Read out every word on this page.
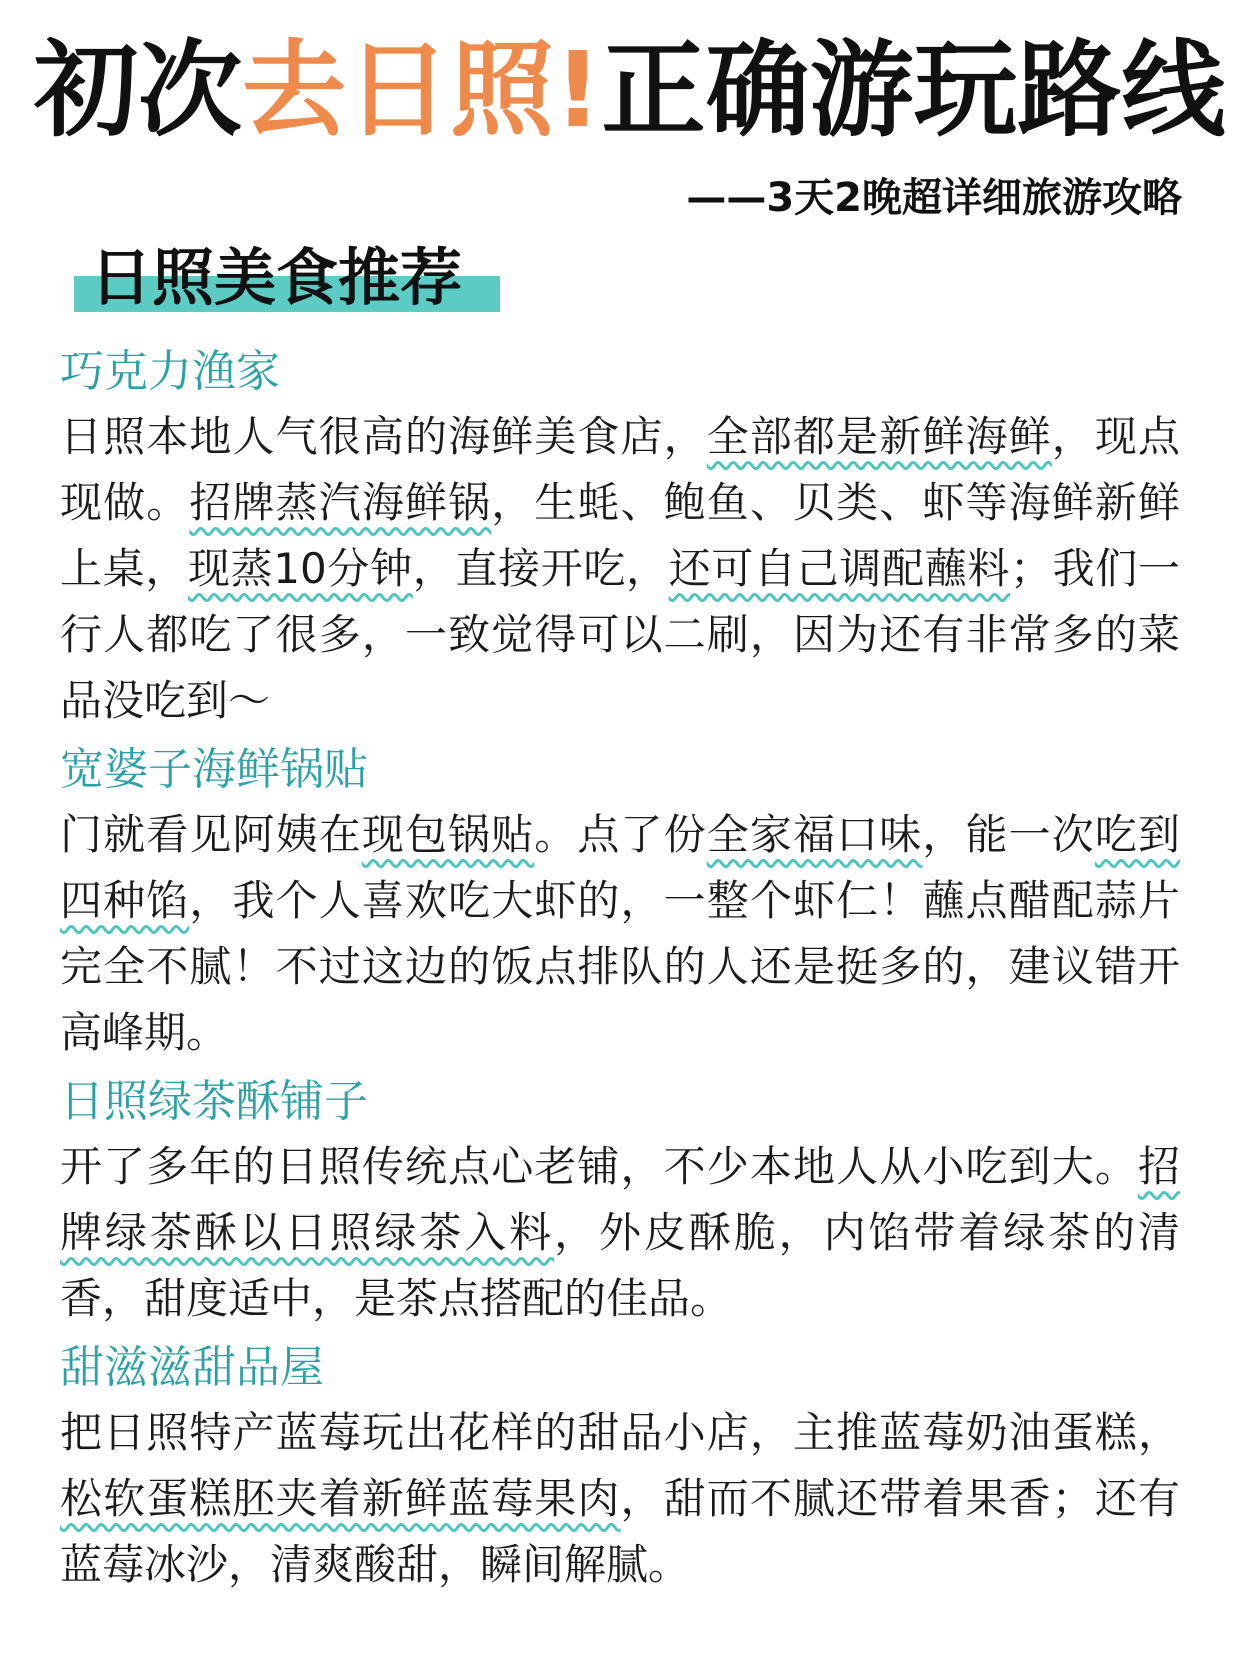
初次去日照!正确游玩路线

——3天2晚超详细旅游攻略

日照美食推荐

巧克力渔家

日照本地人气很高的海鲜美食店，全部都是新鲜海鲜，现点现做。招牌蒸汽海鲜锅，生蚝、鲍鱼、贝类、虾等海鲜新鲜上桌，现蒸10分钟，直接开吃，还可自己调配蘸料；我们一行人都吃了很多，一致觉得可以二刷，因为还有非常多的菜品没吃到～

宽婆子海鲜锅贴

门就看见阿姨在现包锅贴。点了份全家福口味，能一次吃到四种馅，我个人喜欢吃大虾的，一整个虾仁！蘸点醋配蒜片完全不腻！不过这边的饭点排队的人还是挺多的，建议错开高峰期。

日照绿茶酥铺子

开了多年的日照传统点心老铺，不少本地人从小吃到大。招牌绿茶酥以日照绿茶入料，外皮酥脆，内馅带着绿茶的清香，甜度适中，是茶点搭配的佳品。

甜滋滋甜品屋

把日照特产蓝莓玩出花样的甜品小店，主推蓝莓奶油蛋糕，松软蛋糕胚夹着新鲜蓝莓果肉，甜而不腻还带着果香；还有蓝莓冰沙，清爽酸甜，瞬间解腻。
